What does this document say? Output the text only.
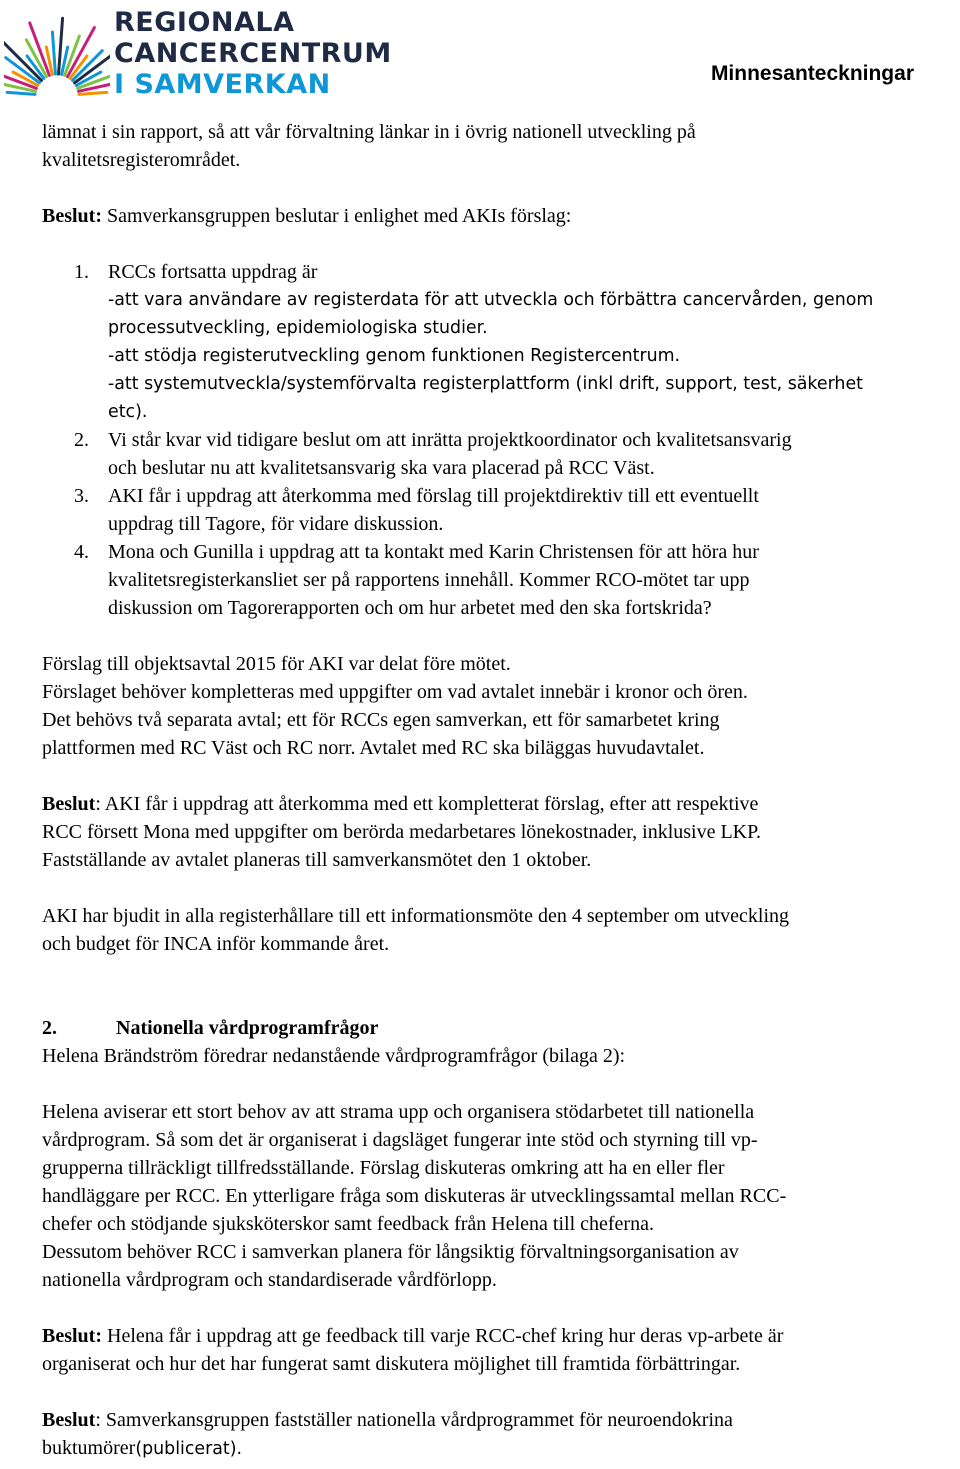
REGIONALA
CANCERCENTRUM
I SAMVERKAN	Minnesanteckningar

lämnat i sin rapport, så att vår förvaltning länkar in i övrig nationell utveckling på

kvalitetsregisterområdet.

Beslut: Samverkansgruppen beslutar i enlighet med AKIs förslag:

1. RCCs fortsatta uppdrag är
-att vara användare av registerdata för att utveckla och förbättra cancervården, genom
processutveckling, epidemiologiska studier.
-att stödja registerutveckling genom funktionen Registercentrum.
-att systemutveckla/systemförvalta registerplattform (inkl drift, support, test, säkerhet
etc).
2. Vi står kvar vid tidigare beslut om att inrätta projektkoordinator och kvalitetsansvarig
och beslutar nu att kvalitetsansvarig ska vara placerad på RCC Väst.
3. AKI får i uppdrag att återkomma med förslag till projektdirektiv till ett eventuellt
uppdrag till Tagore, för vidare diskussion.
4. Mona och Gunilla i uppdrag att ta kontakt med Karin Christensen för att höra hur
kvalitetsregisterkansliet ser på rapportens innehåll. Kommer RCO-mötet tar upp
diskussion om Tagorerapporten och om hur arbetet med den ska fortskrida?

Förslag till objektsavtal 2015 för AKI var delat före mötet.

Förslaget behöver kompletteras med uppgifter om vad avtalet innebär i kronor och ören.

Det behövs två separata avtal; ett för RCCs egen samverkan, ett för samarbetet kring

plattformen med RC Väst och RC norr. Avtalet med RC ska biläggas huvudavtalet.

Beslut: AKI får i uppdrag att återkomma med ett kompletterat förslag, efter att respektive

RCC försett Mona med uppgifter om berörda medarbetares lönekostnader, inklusive LKP.

Fastställande av avtalet planeras till samverkansmötet den 1 oktober.

AKI har bjudit in alla registerhållare till ett informationsmöte den 4 september om utveckling

och budget för INCA inför kommande året.

2.	Nationella vårdprogramfrågor

Helena Brändström föredrar nedanstående vårdprogramfrågor (bilaga 2):

Helena aviserar ett stort behov av att strama upp och organisera stödarbetet till nationella

vårdprogram. Så som det är organiserat i dagsläget fungerar inte stöd och styrning till vp-

grupperna tillräckligt tillfredsställande. Förslag diskuteras omkring att ha en eller fler

handläggare per RCC. En ytterligare fråga som diskuteras är utvecklingssamtal mellan RCC-

chefer och stödjande sjuksköterskor samt feedback från Helena till cheferna.

Dessutom behöver RCC i samverkan planera för långsiktig förvaltningsorganisation av

nationella vårdprogram och standardiserade vårdförlopp.

Beslut: Helena får i uppdrag att ge feedback till varje RCC-chef kring hur deras vp-arbete är

organiserat och hur det har fungerat samt diskutera möjlighet till framtida förbättringar.

Beslut: Samverkansgruppen fastställer nationella vårdprogrammet för neuroendokrina

buktumörer(publicerat).
